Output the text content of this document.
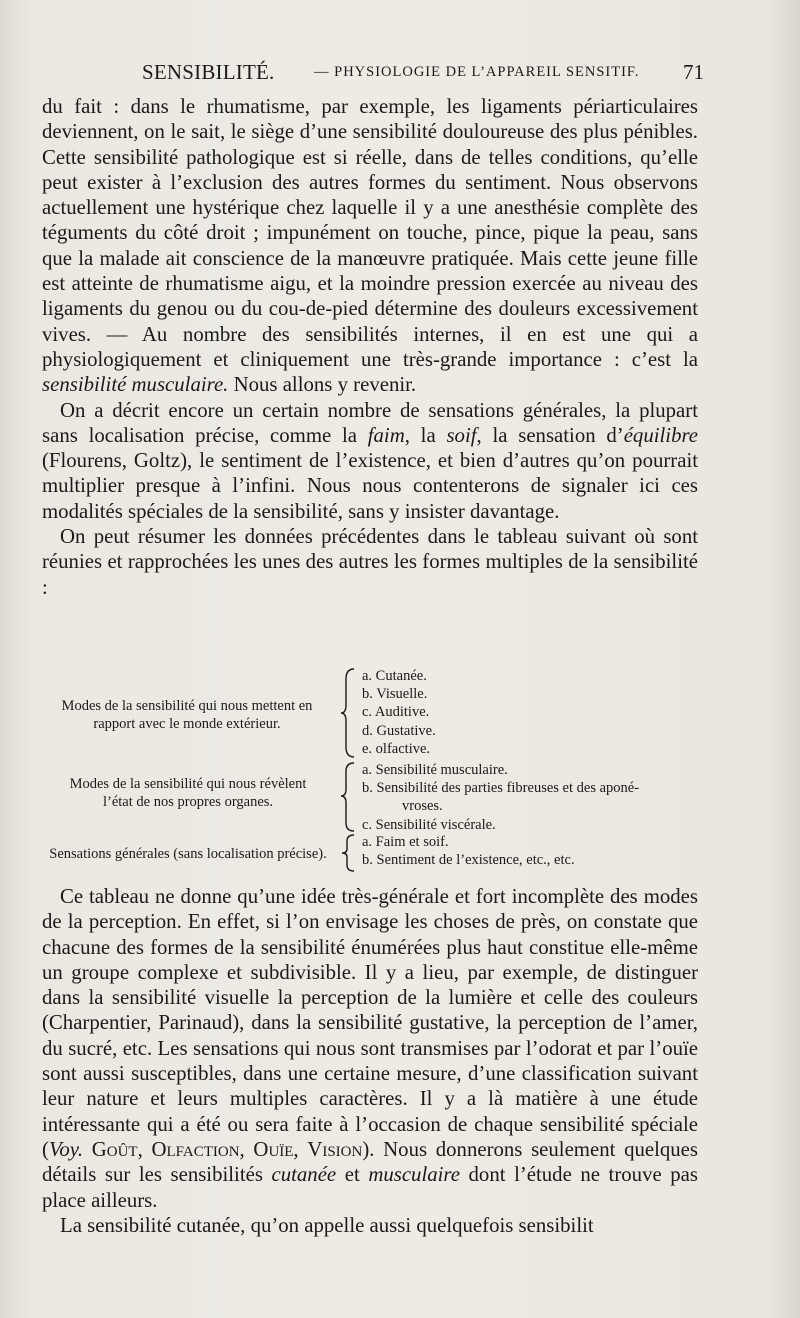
SENSIBILITÉ.	— PHYSIOLOGIE DE L’APPAREIL SENSITIF. 71

du fait : dans le rhumatisme, par exemple, les ligaments périarticulaires deviennent, on le sait, le siège d’une sensibilité douloureuse des plus pénibles. Cette sensibilité pathologique est si réelle, dans de telles conditions, qu’elle peut exister à l’exclusion des autres formes du sentiment. Nous observons actuellement une hystérique chez laquelle il y a une anesthésie complète des téguments du côté droit ; impunément on touche, pince, pique la peau, sans que la malade ait conscience de la manœuvre pratiquée. Mais cette jeune fille est atteinte de rhumatisme aigu, et la moindre pression exercée au niveau des ligaments du genou ou du cou-de-pied détermine des douleurs excessivement vives. — Au nombre des sensibilités internes, il en est une qui a physiologiquement et cliniquement une très-grande importance : c’est la sensibilité musculaire. Nous allons y revenir.

On a décrit encore un certain nombre de sensations générales, la plupart sans localisation précise, comme la faim, la soif, la sensation d’équilibre (Flourens, Goltz), le sentiment de l’existence, et bien d’autres qu’on pourrait multiplier presque à l’infini. Nous nous contenterons de signaler ici ces modalités spéciales de la sensibilité, sans y insister davantage.

On peut résumer les données précédentes dans le tableau suivant où sont réunies et rapprochées les unes des autres les formes multiples de la sensibilité :

Modes de la sensibilité qui nous mettent en
rapport avec le monde extérieur.
a. Cutanée.
b. Visuelle.
c. Auditive.
d. Gustative.
e. olfactive.
Modes de la sensibilité qui nous révèlent
l’état de nos propres organes.
a. Sensibilité musculaire.
b. Sensibilité des parties fibreuses et des aponé-
vroses.
c. Sensibilité viscérale.
Sensations générales (sans localisation précise).
a. Faim et soif.
b. Sentiment de l’existence, etc., etc.

Ce tableau ne donne qu’une idée très-générale et fort incomplète des modes de la perception. En effet, si l’on envisage les choses de près, on constate que chacune des formes de la sensibilité énumérées plus haut constitue elle-même un groupe complexe et subdivisible. Il y a lieu, par exemple, de distinguer dans la sensibilité visuelle la perception de la lumière et celle des couleurs (Charpentier, Parinaud), dans la sensibilité gustative, la perception de l’amer, du sucré, etc. Les sensations qui nous sont transmises par l’odorat et par l’ouïe sont aussi susceptibles, dans une certaine mesure, d’une classification suivant leur nature et leurs multiples caractères. Il y a là matière à une étude intéressante qui a été ou sera faite à l’occasion de chaque sensibilité spéciale (Voy. Goût, Olfaction, Ouïe, Vision). Nous donnerons seulement quelques détails sur les sensibilités cutanée et musculaire dont l’étude ne trouve pas place ailleurs.

La sensibilité cutanée, qu’on appelle aussi quelquefois sensibilit
